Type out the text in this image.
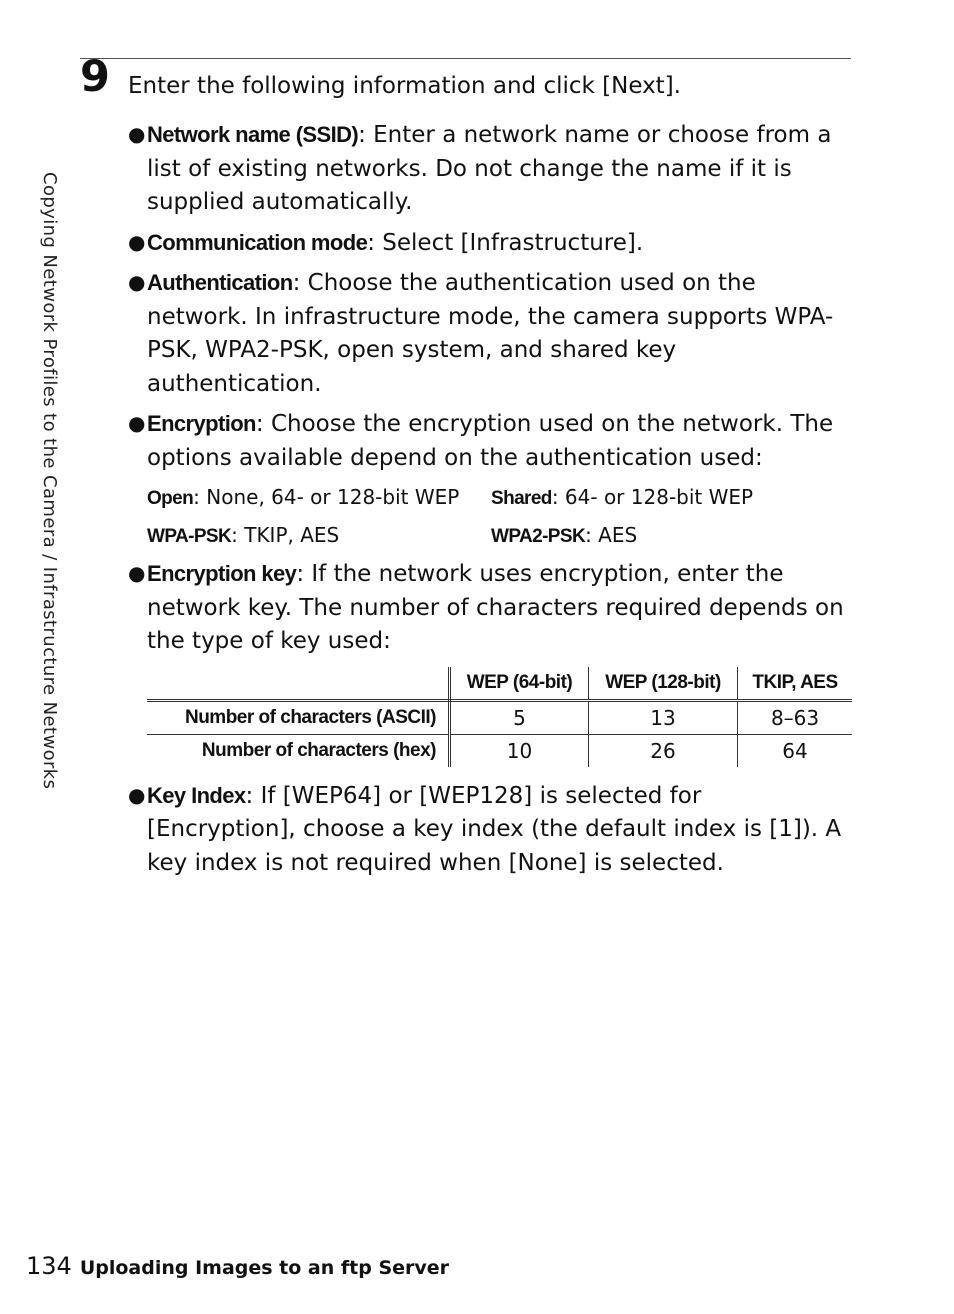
Copying Network Profiles to the Camera / Infrastructure Networks
9 Enter the following information and click [Next].
● Network name (SSID): Enter a network name or choose from a list of existing networks. Do not change the name if it is supplied automatically.
● Communication mode: Select [Infrastructure].
● Authentication: Choose the authentication used on the network. In infrastructure mode, the camera supports WPA-PSK, WPA2-PSK, open system, and shared key authentication.
● Encryption: Choose the encryption used on the network. The options available depend on the authentication used:
Open: None, 64- or 128-bit WEP	Shared: 64- or 128-bit WEP
WPA-PSK: TKIP, AES	WPA2-PSK: AES
● Encryption key: If the network uses encryption, enter the network key. The number of characters required depends on the type of key used:
	WEP (64-bit)	WEP (128-bit)	TKIP, AES
Number of characters (ASCII)	5	13	8–63
Number of characters (hex)	10	26	64
● Key Index: If [WEP64] or [WEP128] is selected for [Encryption], choose a key index (the default index is [1]). A key index is not required when [None] is selected.
134 Uploading Images to an ftp Server
